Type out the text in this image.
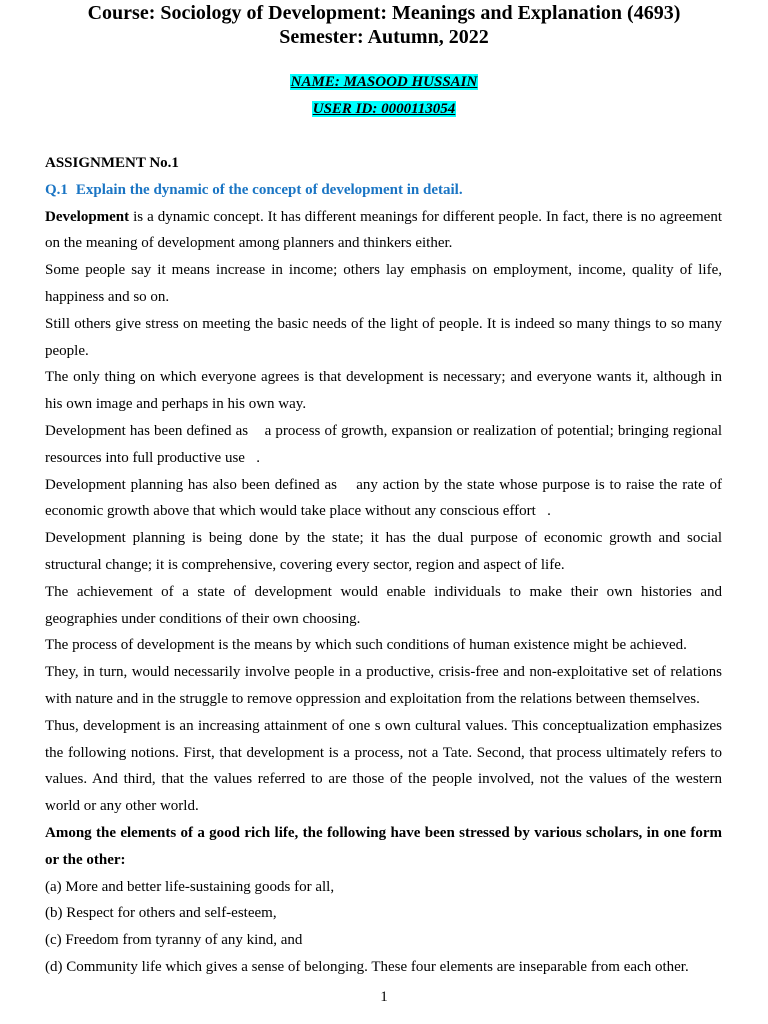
Course: Sociology of Development: Meanings and Explanation (4693)
Semester: Autumn, 2022
NAME: MASOOD HUSSAIN
USER ID: 0000113054

ASSIGNMENT No.1

Q.1 Explain the dynamic of the concept of development in detail.

Development is a dynamic concept. It has different meanings for different people. In fact, there is no agreement on the meaning of development among planners and thinkers either.

Some people say it means increase in income; others lay emphasis on employment, income, quality of life, happiness and so on.

Still others give stress on meeting the basic needs of the light of people. It is indeed so many things to so many people.

The only thing on which everyone agrees is that development is necessary; and everyone wants it, although in his own image and perhaps in his own way.

Development has been defined as    a process of growth, expansion or realization of potential; bringing regional resources into full productive use   .

Development planning has also been defined as    any action by the state whose purpose is to raise the rate of economic growth above that which would take place without any conscious effort   .

Development planning is being done by the state; it has the dual purpose of economic growth and social structural change; it is comprehensive, covering every sector, region and aspect of life.

The achievement of a state of development would enable individuals to make their own histories and geographies under conditions of their own choosing.

The process of development is the means by which such conditions of human existence might be achieved.

They, in turn, would necessarily involve people in a productive, crisis-free and non-exploitative set of relations with nature and in the struggle to remove oppression and exploitation from the relations between themselves.

Thus, development is an increasing attainment of one s own cultural values. This conceptualization emphasizes the following notions. First, that development is a process, not a Tate. Second, that process ultimately refers to values. And third, that the values referred to are those of the people involved, not the values of the western world or any other world.

Among the elements of a good rich life, the following have been stressed by various scholars, in one form or the other:

(a) More and better life-sustaining goods for all,

(b) Respect for others and self-esteem,

(c) Freedom from tyranny of any kind, and

(d) Community life which gives a sense of belonging. These four elements are inseparable from each other.

1
